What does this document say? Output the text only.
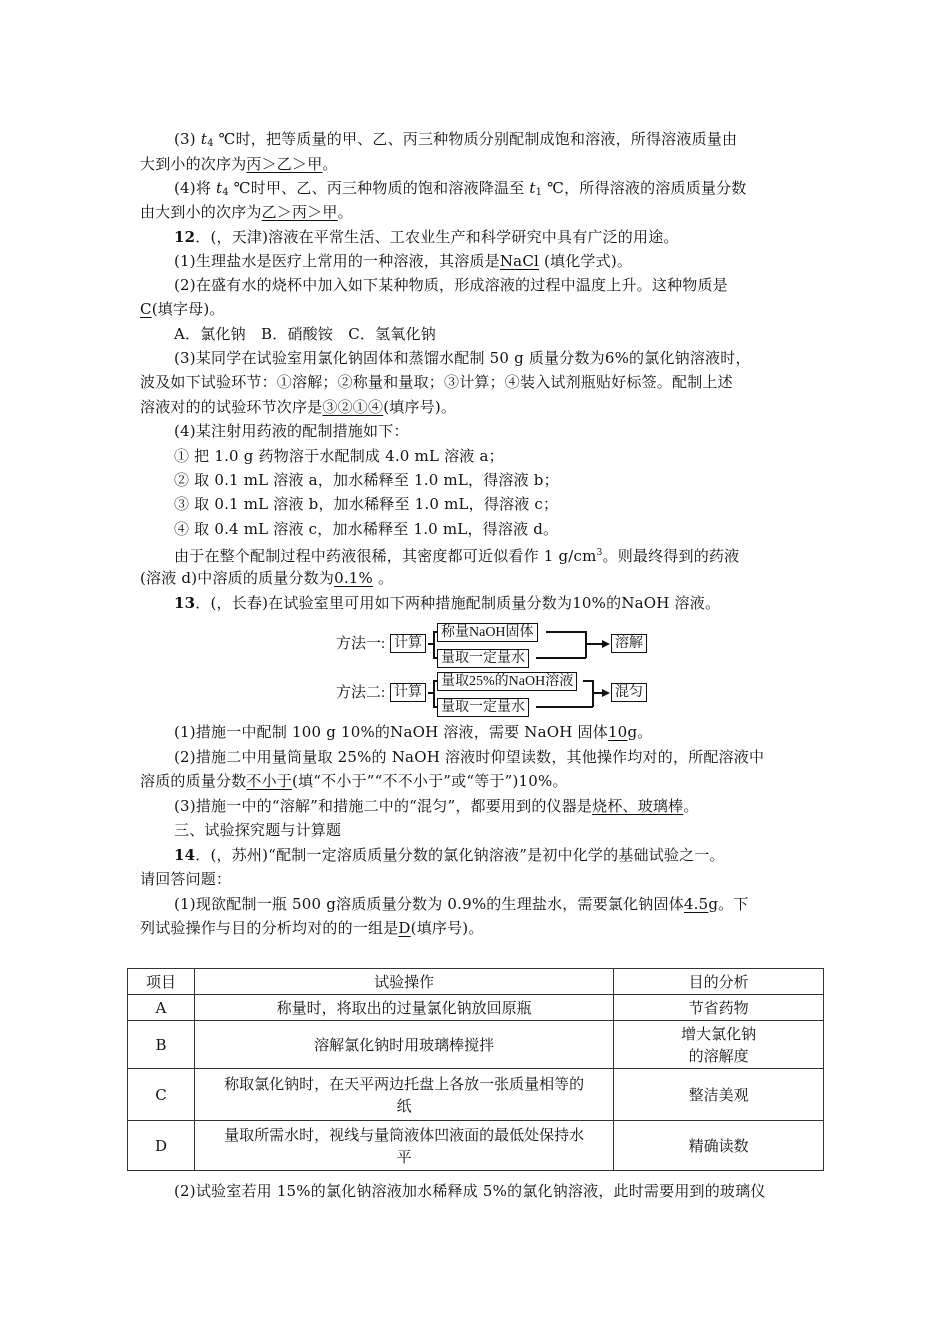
(3) $t_4$ ℃时，把等质量的甲、乙、丙三种物质分别配制成饱和溶液，所得溶液质量由
大到小的次序为丙＞乙＞甲。
(4)将 $t_4$ ℃时甲、乙、丙三种物质的饱和溶液降温至 $t_1$ ℃，所得溶液的溶质质量分数
由大到小的次序为乙＞丙＞甲。
12．(，天津)溶液在平常生活、工农业生产和科学研究中具有广泛的用途。
(1)生理盐水是医疗上常用的一种溶液，其溶质是NaCl (填化学式)。
(2)在盛有水的烧杯中加入如下某种物质，形成溶液的过程中温度上升。这种物质是
C(填字母)。
A．氯化钠　B．硝酸铵　C．氢氧化钠
(3)某同学在试验室用氯化钠固体和蒸馏水配制 50 g 质量分数为6%的氯化钠溶液时，
波及如下试验环节：①溶解；②称量和量取；③计算；④装入试剂瓶贴好标签。配制上述
溶液对的的试验环节次序是③②①④(填序号)。
(4)某注射用药液的配制措施如下：
① 把 1.0 g 药物溶于水配制成 4.0 mL 溶液 a；
② 取 0.1 mL 溶液 a，加水稀释至 1.0 mL，得溶液 b；
③ 取 0.1 mL 溶液 b，加水稀释至 1.0 mL，得溶液 c；
④ 取 0.4 mL 溶液 c，加水稀释至 1.0 mL，得溶液 d。
由于在整个配制过程中药液很稀，其密度都可近似看作 1 $g/cm^3$。则最终得到的药液
(溶液 d)中溶质的质量分数为0.1% 。
13．(，长春)在试验室里可用如下两种措施配制质量分数为10%的NaOH 溶液。
方法一: 计算
称量NaOH固体
量取一定量水
溶解
方法二: 计算
量取25%的NaOH溶液
量取一定量水
混匀
(1)措施一中配制 100 g 10%的NaOH 溶液，需要 NaOH 固体10g。
(2)措施二中用量筒量取 25%的 NaOH 溶液时仰望读数，其他操作均对的，所配溶液中
溶质的质量分数不小于(填“不小于”“不不小于”或“等于”)10%。
(3)措施一中的“溶解”和措施二中的“混匀”，都要用到的仪器是烧杯、玻璃棒。
三、试验探究题与计算题
14．(，苏州)“配制一定溶质质量分数的氯化钠溶液”是初中化学的基础试验之一。
请回答问题：
(1)现欲配制一瓶 500 g溶质质量分数为 0.9%的生理盐水，需要氯化钠固体4.5g。下
列试验操作与目的分析均对的的一组是D(填序号)。
项目	试验操作	目的分析
A	称量时，将取出的过量氯化钠放回原瓶	节省药物
B	溶解氯化钠时用玻璃棒搅拌	增大氯化钠
的溶解度

C	称取氯化钠时，在天平两边托盘上各放一张质量相等的
纸	整洁美观
D	量取所需水时，视线与量筒液体凹液面的最低处保持水
平	精确读数
(2)试验室若用 15%的氯化钠溶液加水稀释成 5%的氯化钠溶液，此时需要用到的玻璃仪
